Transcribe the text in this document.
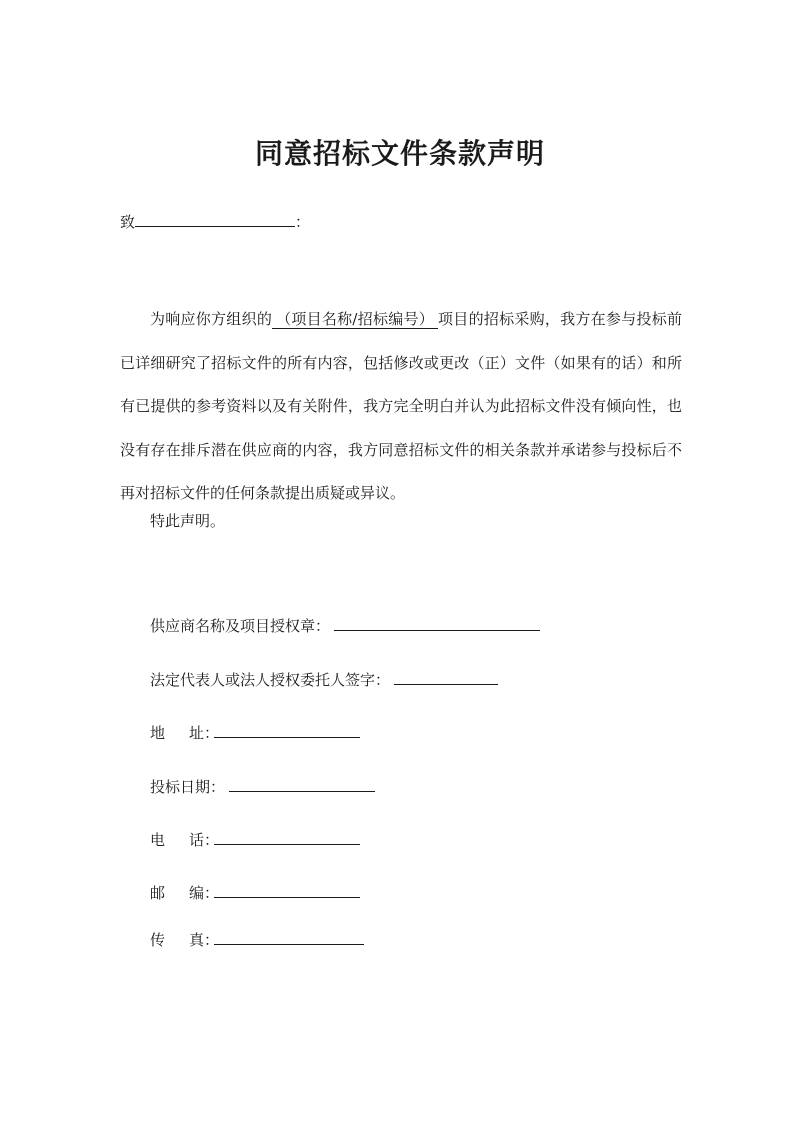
同意招标文件条款声明
致	：

为响应你方组织的 （项目名称/招标编号） 项目的招标采购，我方在参与投标前已详细研究了招标文件的所有内容，包括修改或更改（正）文件（如果有的话）和所有已提供的参考资料以及有关附件，我方完全明白并认为此招标文件没有倾向性，也没有存在排斥潜在供应商的内容，我方同意招标文件的相关条款并承诺参与投标后不再对招标文件的任何条款提出质疑或异议。

特此声明。
供应商名称及项目授权章：
法定代表人或法人授权委托人签字：
地 址：
投标日期：
电 话：
邮 编：
传 真：
